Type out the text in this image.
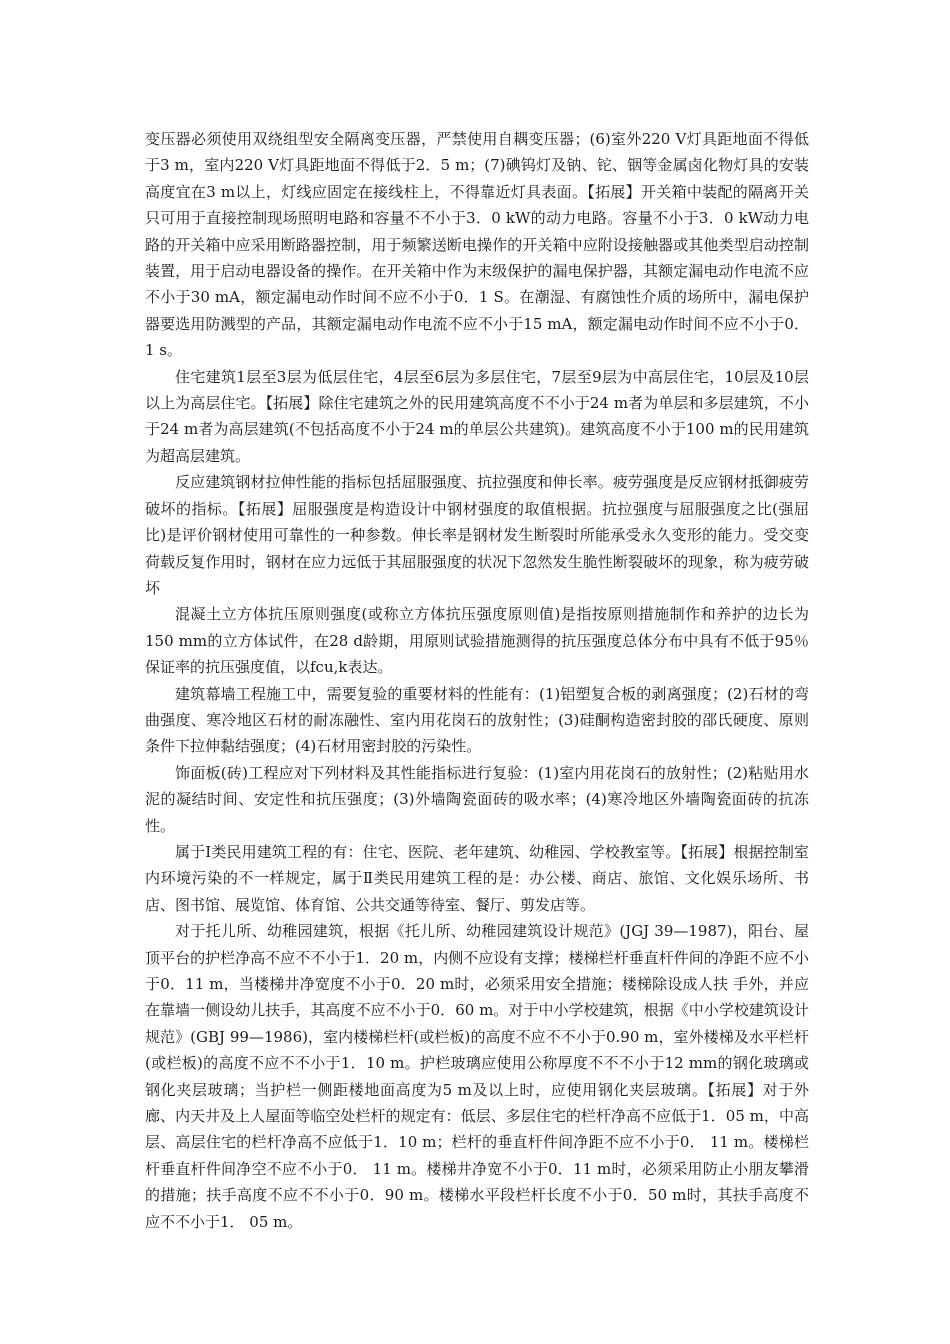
变压器必须使用双绕组型安全隔离变压器，严禁使用自耦变压器；(6)室外220 V灯具距地面不得低于3 m，室内220 V灯具距地面不得低于2．5 m；(7)碘钨灯及钠、铊、铟等金属卤化物灯具的安装高度宜在3 m以上，灯线应固定在接线柱上，不得靠近灯具表面。【拓展】开关箱中装配的隔离开关只可用于直接控制现场照明电路和容量不不小于3．0 kW的动力电路。容量不小于3．0 kW动力电路的开关箱中应采用断路器控制，用于频繁送断电操作的开关箱中应附设接触器或其他类型启动控制装置，用于启动电器设备的操作。在开关箱中作为末级保护的漏电保护器，其额定漏电动作电流不应不小于30 mA，额定漏电动作时间不应不小于0．1 S。在潮湿、有腐蚀性介质的场所中，漏电保护器要选用防溅型的产品，其额定漏电动作电流不应不小于15 mA，额定漏电动作时间不应不小于0．1 s。

住宅建筑1层至3层为低层住宅，4层至6层为多层住宅，7层至9层为中高层住宅，10层及10层以上为高层住宅。【拓展】除住宅建筑之外的民用建筑高度不不小于24 m者为单层和多层建筑，不小于24 m者为高层建筑(不包括高度不小于24 m的单层公共建筑)。建筑高度不小于100 m的民用建筑为超高层建筑。

反应建筑钢材拉伸性能的指标包括屈服强度、抗拉强度和伸长率。疲劳强度是反应钢材抵御疲劳破坏的指标。【拓展】屈服强度是构造设计中钢材强度的取值根据。抗拉强度与屈服强度之比(强屈比)是评价钢材使用可靠性的一种参数。伸长率是钢材发生断裂时所能承受永久变形的能力。受交变荷载反复作用时，钢材在应力远低于其屈服强度的状况下忽然发生脆性断裂破坏的现象，称为疲劳破坏

混凝土立方体抗压原则强度(或称立方体抗压强度原则值)是指按原则措施制作和养护的边长为150 mm的立方体试件，在28 d龄期，用原则试验措施测得的抗压强度总体分布中具有不低于95％保证率的抗压强度值，以fcu,k表达。

建筑幕墙工程施工中，需要复验的重要材料的性能有：(1)铝塑复合板的剥离强度；(2)石材的弯曲强度、寒冷地区石材的耐冻融性、室内用花岗石的放射性；(3)硅酮构造密封胶的邵氏硬度、原则条件下拉伸黏结强度；(4)石材用密封胶的污染性。

饰面板(砖)工程应对下列材料及其性能指标进行复验：(1)室内用花岗石的放射性；(2)粘贴用水泥的凝结时间、安定性和抗压强度；(3)外墙陶瓷面砖的吸水率；(4)寒冷地区外墙陶瓷面砖的抗冻性。

属于Ⅰ类民用建筑工程的有：住宅、医院、老年建筑、幼稚园、学校教室等。【拓展】根据控制室内环境污染的不一样规定，属于Ⅱ类民用建筑工程的是：办公楼、商店、旅馆、文化娱乐场所、书店、图书馆、展览馆、体育馆、公共交通等待室、餐厅、剪发店等。

对于托儿所、幼稚园建筑，根据《托儿所、幼稚园建筑设计规范》(JGJ 39—1987)，阳台、屋顶平台的护栏净高不应不不小于1．20 m，内侧不应设有支撑；楼梯栏杆垂直杆件间的净距不应不小于0．11 m，当楼梯井净宽度不小于0．20 m时，必须采用安全措施；楼梯除设成人扶 手外，并应在靠墙一侧设幼儿扶手，其高度不应不小于0．60 m。对于中小学校建筑，根据《中小学校建筑设计规范》(GBJ 99—1986)，室内楼梯栏杆(或栏板)的高度不应不不小于0.90 m，室外楼梯及水平栏杆(或栏板)的高度不应不不小于1．10 m。护栏玻璃应使用公称厚度不不不小于12 mm的钢化玻璃或钢化夹层玻璃；当护栏一侧距楼地面高度为5 m及以上时，应使用钢化夹层玻璃。【拓展】对于外廊、内天井及上人屋面等临空处栏杆的规定有：低层、多层住宅的栏杆净高不应低于1．05 m，中高层、高层住宅的栏杆净高不应低于1．10 m；栏杆的垂直杆件间净距不应不小于0． 11 m。楼梯栏杆垂直杆件间净空不应不小于0． 11 m。楼梯井净宽不小于0．11 m时，必须采用防止小朋友攀滑的措施；扶手高度不应不不小于0．90 m。楼梯水平段栏杆长度不小于0．50 m时，其扶手高度不应不不小于1． 05 m。
